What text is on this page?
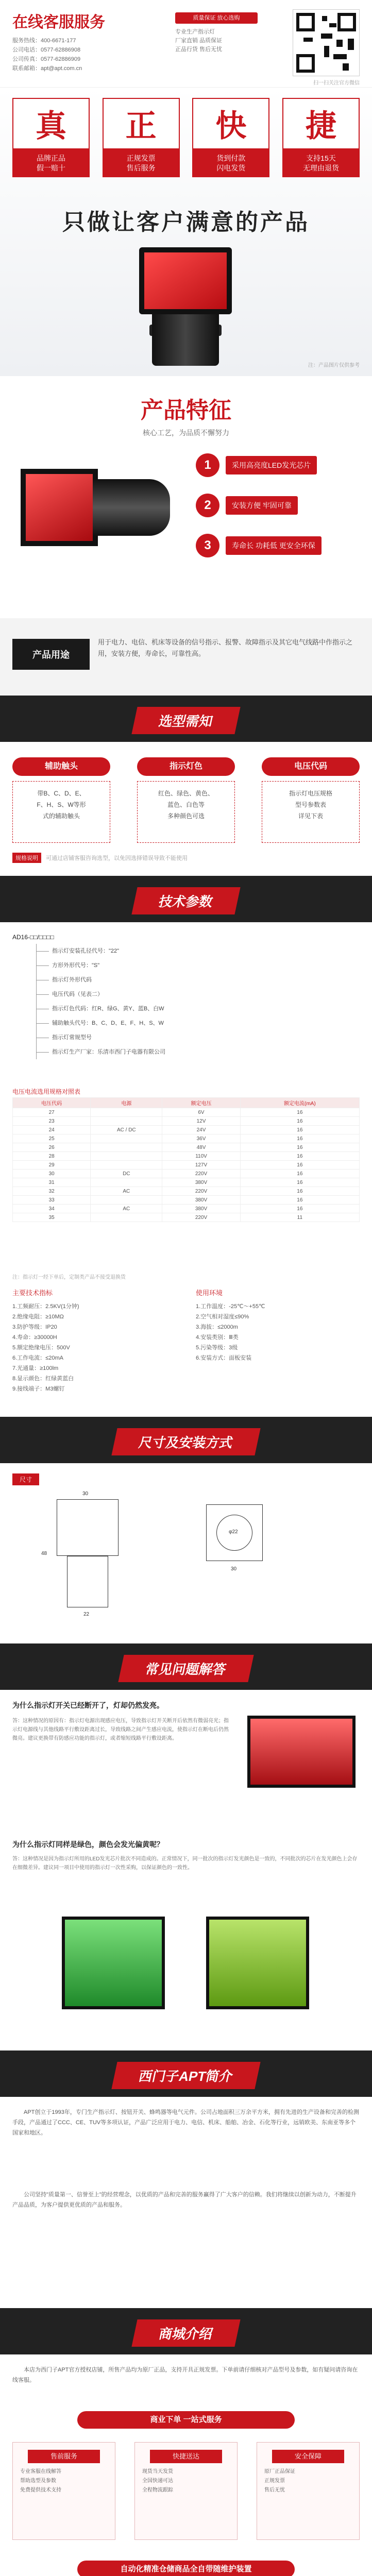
在线客服服务
服务热线：400-6671-177
公司电话：0577-62886908
公司传真：0577-62886909
联系邮箱：apt@apt.com.cn
质量保证 放心选购
专业生产指示灯
厂家直销 品质保证
正品行货 售后无忧
扫一扫关注官方微信
真
品牌正品
假一赔十
正
正规发票
售后服务
快
货到付款
闪电发货
捷
支持15天
无理由退货
只做让客户满意的产品
注：产品图片仅供参考
产品特征
核心工艺，为品质不懈努力
1	采用高亮度LED发光芯片
2	安装方便 牢固可靠
3	寿命长 功耗低 更安全环保
产品用途
用于电力、电信、机床等设备的信号指示、报警、故障指示及其它电气线路中作指示之用，安装方便，寿命长，可靠性高。
选型需知
辅助触头
带B、C、D、E、
F、H、S、W等形
式的辅助触头
指示灯色
红色、绿色、黄色、
蓝色、白色等
多种颜色可选
电压代码
指示灯电压规格
型号参数表
详见下表
规格说明 可通过店铺客服咨询选型，以免因选择错误导致不能使用
技术参数
AD16-□□/□□□□
指示灯安装孔径代号："22"
方形外形代号："S"
指示灯外形代码
电压代码（见表二）
指示灯色代码：红R、绿G、黄Y、蓝B、白W
辅助触头代号：B、C、D、E、F、H、S、W
指示灯常规型号
指示灯生产厂家：乐清市西门子电器有限公司
电压电流选用规格对照表
电压代码	电源	额定电压	额定电流(mA)
27		6V	16
23		12V	16
24	AC / DC	24V	16
25		36V	16
26		48V	16
28		110V	16
29		127V	16
30	DC	220V	16
31		380V	16
32	AC	220V	16
33		380V	16
34	AC	380V	16
35		220V	11
注：指示灯一经下单后，定制类产品不接受退换货
主要技术指标
1.工频耐压：2.5KV(1分钟)
2.绝缘电阻：≥10MΩ
3.防护等级：IP20
4.寿命：≥30000H
5.额定绝缘电压：500V
6.工作电流：≤20mA
7.光通量：≥100lm
8.显示颜色：红绿黄蓝白
9.接线端子：M3螺钉
使用环境
1.工作温度：-25℃～+55℃
2.空气相对湿度≤90%
3.海拔：≤2000m
4.安装类别：Ⅲ类
5.污染等级：3级
6.安装方式：面板安装
尺寸及安装方式
尺寸
30
22
48
30
φ22
常见问题解答
为什么指示灯开关已经断开了，灯却仍然发亮。
答：这种情况的原因有：指示灯电源出现感应电压，导致指示灯开关断开后依然有微弱亮光；指示灯电源线与其他线路平行敷设距离过长，导致线路之间产生感应电流，使指示灯在断电后仍然微亮。建议更换带有防感应功能的指示灯，或者缩短线路平行敷设距离。
为什么指示灯同样是绿色，颜色会发光偏黄呢？
答：这种情况是因为指示灯所用的LED发光芯片批次不同造成的。正常情况下，同一批次的指示灯发光颜色是一致的，不同批次的芯片在发光颜色上会存在细微差异。建议同一项目中使用的指示灯一次性采购，以保证颜色的一致性。
西门子APT简介
APT创立于1993年，专门生产指示灯、按钮开关、蜂鸣器等电气元件。公司占地面积三万余平方米，拥有先进的生产设备和完善的检测手段，产品通过了CCC、CE、TUV等多项认证，产品广泛应用于电力、电信、机床、船舶、冶金、石化等行业，远销欧美、东南亚等多个国家和地区。
公司坚持"质量第一、信誉至上"的经营理念，以优质的产品和完善的服务赢得了广大客户的信赖。我们将继续以创新为动力，不断提升产品品质，为客户提供更优质的产品和服务。
商城介绍
本店为西门子APT官方授权店铺，所售产品均为原厂正品，支持开具正规发票。下单前请仔细核对产品型号及参数，如有疑问请咨询在线客服。
商业下单 一站式服务
售前服务
专业客服在线解答
帮助选型及参数
免费提供技术支持
快捷送达
现货当天发货
全国快递可达
全程物流跟踪
安全保障
原厂正品保证
正规发票
售后无忧
自动化精准仓储商品全自带随维护装置
